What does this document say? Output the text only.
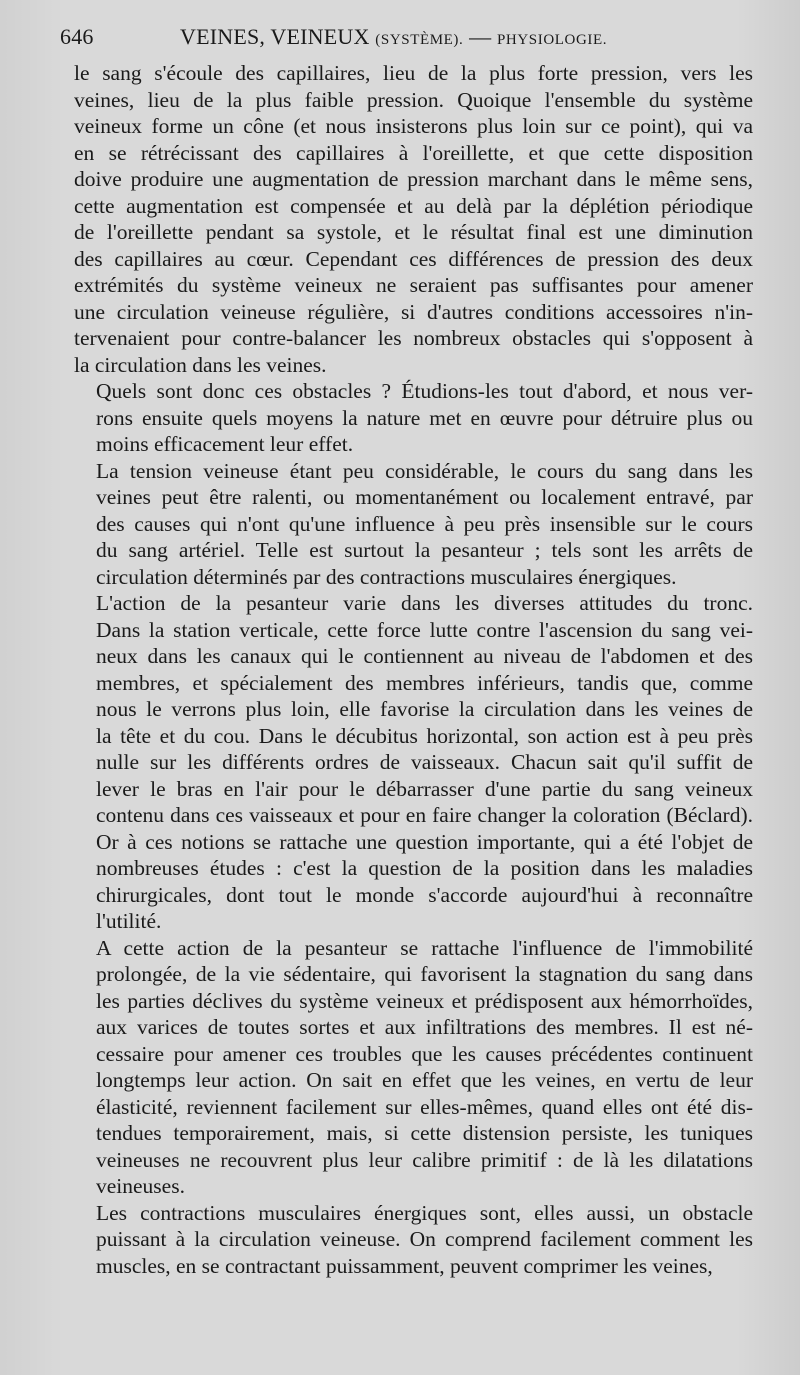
646	VEINES, VEINEUX (SYSTÈME). — PHYSIOLOGIE.

le sang s'écoule des capillaires, lieu de la plus forte pression, vers les
veines, lieu de la plus faible pression. Quoique l'ensemble du système
veineux forme un cône (et nous insisterons plus loin sur ce point), qui va
en se rétrécissant des capillaires à l'oreillette, et que cette disposition
doive produire une augmentation de pression marchant dans le même sens,
cette augmentation est compensée et au delà par la déplétion périodique
de l'oreillette pendant sa systole, et le résultat final est une diminution
des capillaires au cœur. Cependant ces différences de pression des deux
extrémités du système veineux ne seraient pas suffisantes pour amener
une circulation veineuse régulière, si d'autres conditions accessoires n'in-
tervenaient pour contre-balancer les nombreux obstacles qui s'opposent à
la circulation dans les veines.

Quels sont donc ces obstacles ? Étudions-les tout d'abord, et nous ver-
rons ensuite quels moyens la nature met en œuvre pour détruire plus ou
moins efficacement leur effet.

La tension veineuse étant peu considérable, le cours du sang dans les
veines peut être ralenti, ou momentanément ou localement entravé, par
des causes qui n'ont qu'une influence à peu près insensible sur le cours
du sang artériel. Telle est surtout la pesanteur ; tels sont les arrêts de
circulation déterminés par des contractions musculaires énergiques.

L'action de la pesanteur varie dans les diverses attitudes du tronc.
Dans la station verticale, cette force lutte contre l'ascension du sang vei-
neux dans les canaux qui le contiennent au niveau de l'abdomen et des
membres, et spécialement des membres inférieurs, tandis que, comme
nous le verrons plus loin, elle favorise la circulation dans les veines de
la tête et du cou. Dans le décubitus horizontal, son action est à peu près
nulle sur les différents ordres de vaisseaux. Chacun sait qu'il suffit de
lever le bras en l'air pour le débarrasser d'une partie du sang veineux
contenu dans ces vaisseaux et pour en faire changer la coloration (Béclard).
Or à ces notions se rattache une question importante, qui a été l'objet de
nombreuses études : c'est la question de la position dans les maladies
chirurgicales, dont tout le monde s'accorde aujourd'hui à reconnaître
l'utilité.

A cette action de la pesanteur se rattache l'influence de l'immobilité
prolongée, de la vie sédentaire, qui favorisent la stagnation du sang dans
les parties déclives du système veineux et prédisposent aux hémorrhoïdes,
aux varices de toutes sortes et aux infiltrations des membres. Il est né-
cessaire pour amener ces troubles que les causes précédentes continuent
longtemps leur action. On sait en effet que les veines, en vertu de leur
élasticité, reviennent facilement sur elles-mêmes, quand elles ont été dis-
tendues temporairement, mais, si cette distension persiste, les tuniques
veineuses ne recouvrent plus leur calibre primitif : de là les dilatations
veineuses.

Les contractions musculaires énergiques sont, elles aussi, un obstacle
puissant à la circulation veineuse. On comprend facilement comment les
muscles, en se contractant puissamment, peuvent comprimer les veines,
